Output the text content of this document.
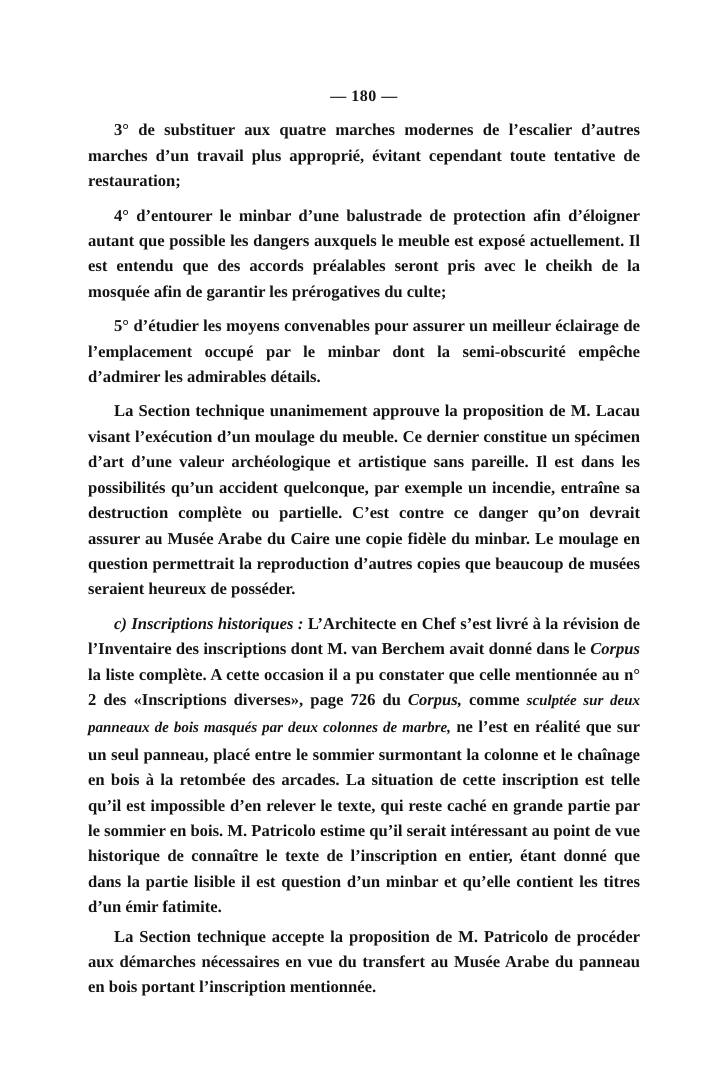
— 180 —

3° de substituer aux quatre marches modernes de l’escalier d’autres marches d’un travail plus approprié, évitant cependant toute tentative de restauration;

4° d’entourer le minbar d’une balustrade de protection afin d’éloigner autant que possible les dangers auxquels le meuble est exposé actuellement. Il est entendu que des accords préalables seront pris avec le cheikh de la mosquée afin de garantir les prérogatives du culte;

5° d’étudier les moyens convenables pour assurer un meilleur éclairage de l’emplacement occupé par le minbar dont la semi-obscurité empêche d’admirer les admirables détails.

La Section technique unanimement approuve la proposition de M. Lacau visant l’exécution d’un moulage du meuble. Ce dernier constitue un spécimen d’art d’une valeur archéologique et artistique sans pareille. Il est dans les possibilités qu’un accident quelconque, par exemple un incendie, entraîne sa destruction complète ou partielle. C’est contre ce danger qu’on devrait assurer au Musée Arabe du Caire une copie fidèle du minbar. Le moulage en question permettrait la reproduction d’autres copies que beaucoup de musées seraient heureux de posséder.

c) Inscriptions historiques : L’Architecte en Chef s’est livré à la révision de l’Inventaire des inscriptions dont M. van Berchem avait donné dans le Corpus la liste complète. A cette occasion il a pu constater que celle mentionnée au n° 2 des «Inscriptions diverses», page 726 du Corpus, comme sculptée sur deux panneaux de bois masqués par deux colonnes de marbre, ne l’est en réalité que sur un seul panneau, placé entre le sommier surmontant la colonne et le chaînage en bois à la retombée des arcades. La situation de cette inscription est telle qu’il est impossible d’en relever le texte, qui reste caché en grande partie par le sommier en bois. M. Patricolo estime qu’il serait intéressant au point de vue historique de connaître le texte de l’inscription en entier, étant donné que dans la partie lisible il est question d’un minbar et qu’elle contient les titres d’un émir fatimite.

La Section technique accepte la proposition de M. Patricolo de procéder aux démarches nécessaires en vue du transfert au Musée Arabe du panneau en bois portant l’inscription mentionnée.
